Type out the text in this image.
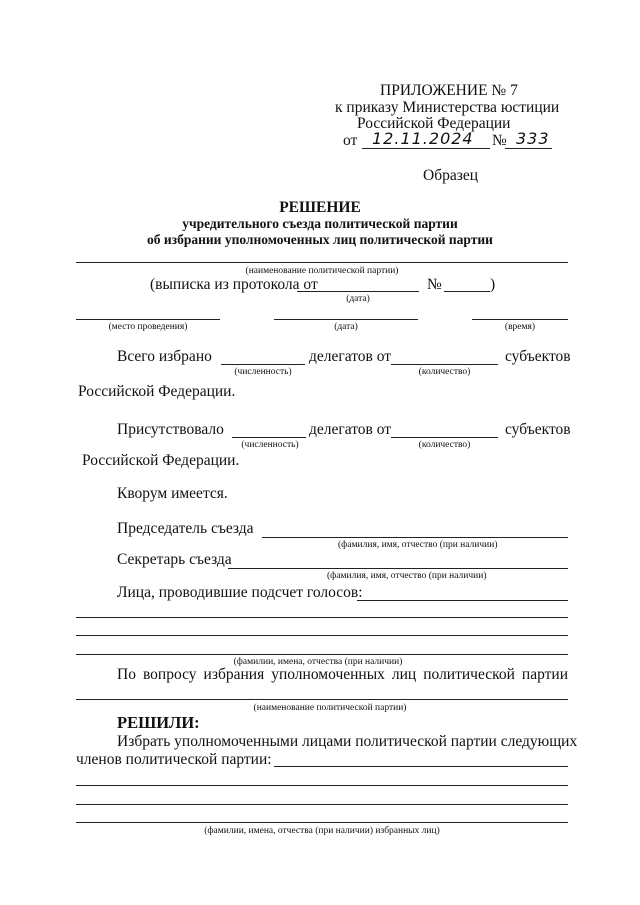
ПРИЛОЖЕНИЕ № 7
к приказу Министерства юстиции
Российской Федерации
от 12.11.2024 № 333
Образец
РЕШЕНИЕ
учредительного съезда политической партии
об избрании уполномоченных лиц политической партии
(наименование политической партии)
(выписка из протокола от	№	)
(дата)
(место проведения)	(дата)	(время)
Всего избрано	делегатов от	субъектов
(численность)	(количество)
Российской Федерации.
Присутствовало	делегатов от	субъектов
(численность)	(количество)
Российской Федерации.
Кворум имеется.
Председатель съезда
(фамилия, имя, отчество (при наличии)
Секретарь съезда
(фамилия, имя, отчество (при наличии)
Лица, проводившие подсчет голосов:
(фамилии, имена, отчества (при наличии)
По вопросу избрания уполномоченных лиц политической партии
(наименование политической партии)
РЕШИЛИ:
Избрать уполномоченными лицами политической партии следующих
членов политической партии:
(фамилии, имена, отчества (при наличии) избранных лиц)
